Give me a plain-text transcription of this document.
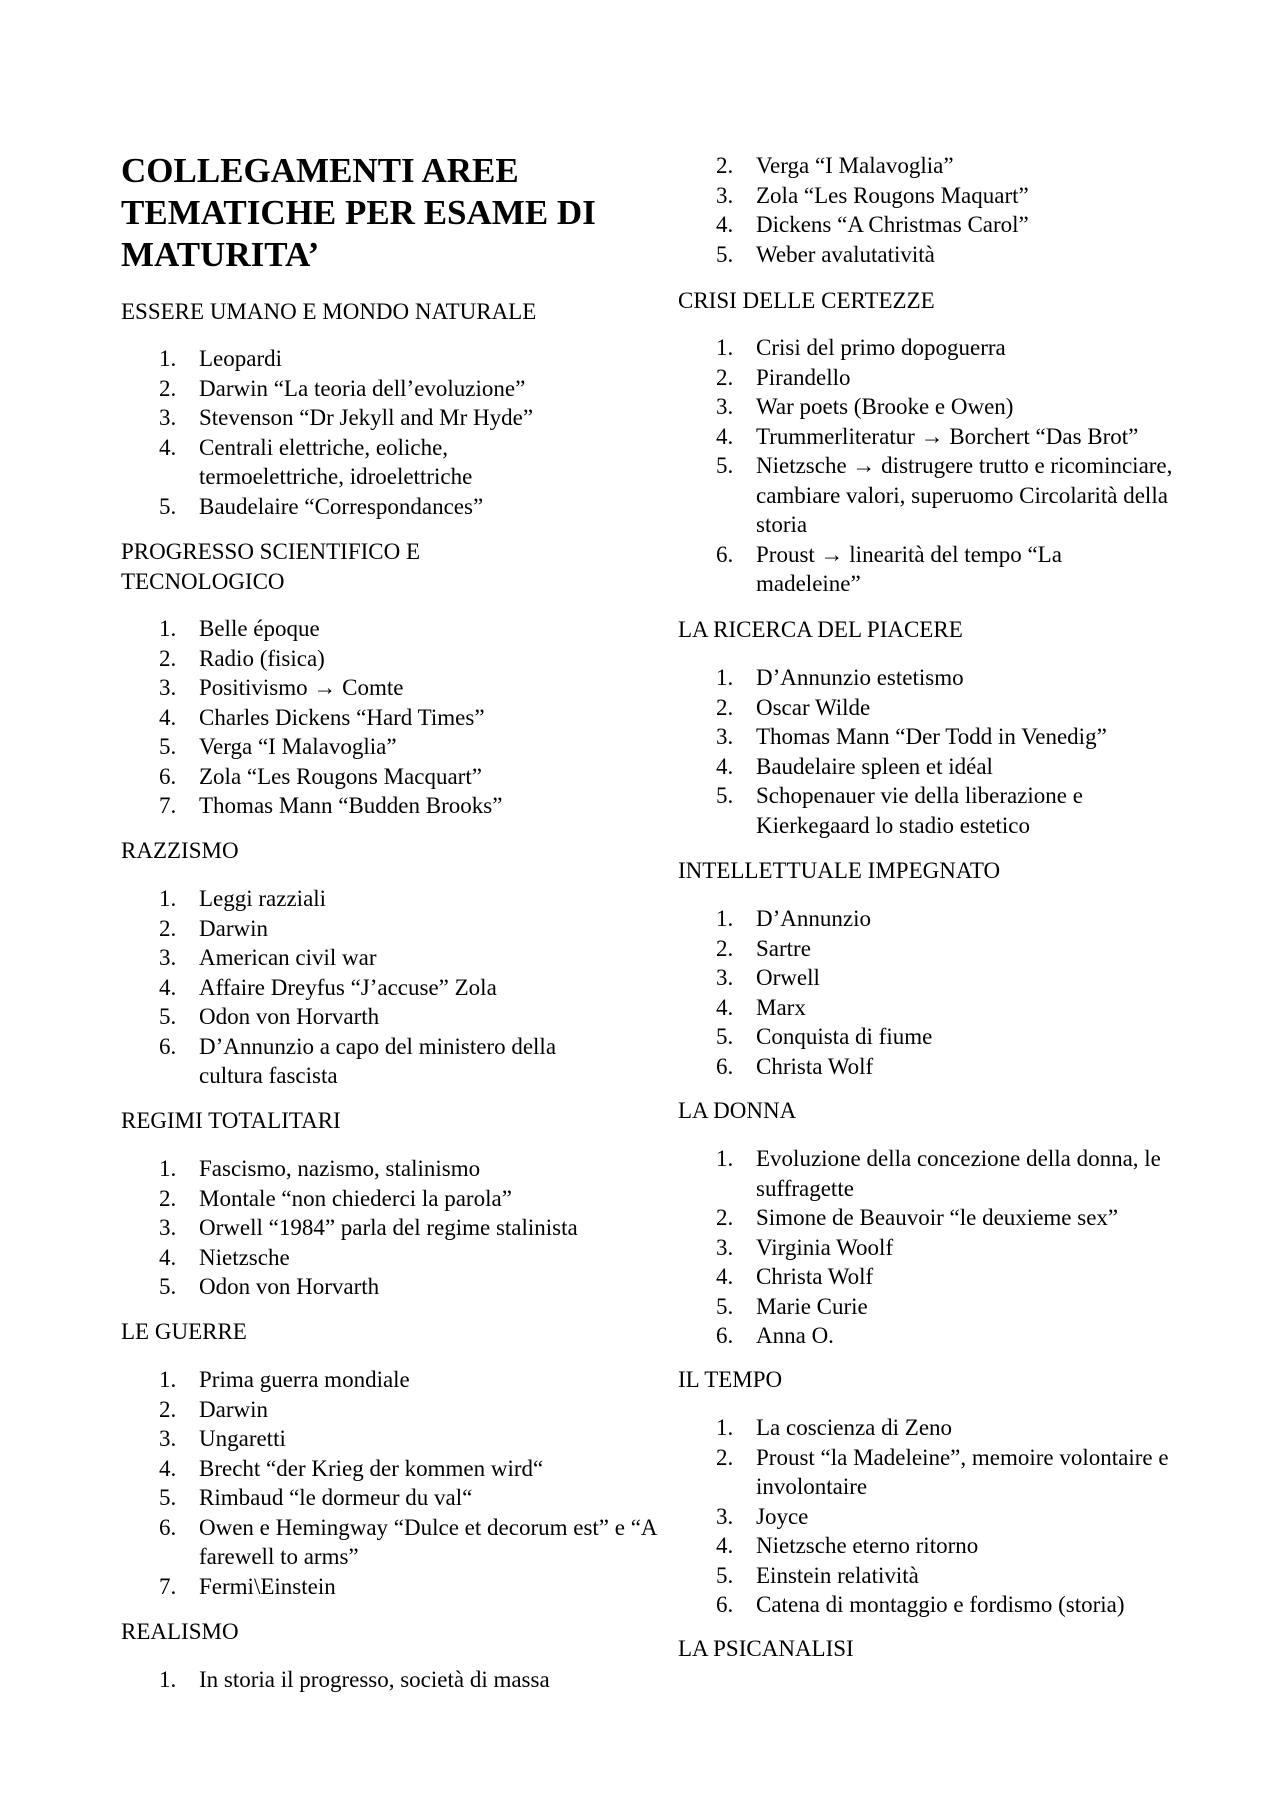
COLLEGAMENTI AREE TEMATICHE PER ESAME DI MATURITA’
ESSERE UMANO E MONDO NATURALE
1. Leopardi
2. Darwin “La teoria dell’evoluzione”
3. Stevenson “Dr Jekyll and Mr Hyde”
4. Centrali elettriche, eoliche, termoelettriche, idroelettriche
5. Baudelaire “Correspondances”
PROGRESSO SCIENTIFICO E TECNOLOGICO
1. Belle époque
2. Radio (fisica)
3. Positivismo → Comte
4. Charles Dickens “Hard Times”
5. Verga “I Malavoglia”
6. Zola “Les Rougons Macquart”
7. Thomas Mann “Budden Brooks”
RAZZISMO
1. Leggi razziali
2. Darwin
3. American civil war
4. Affaire Dreyfus “J’accuse” Zola
5. Odon von Horvarth
6. D’Annunzio a capo del ministero della cultura fascista
REGIMI TOTALITARI
1. Fascismo, nazismo, stalinismo
2. Montale “non chiederci la parola”
3. Orwell “1984” parla del regime stalinista
4. Nietzsche
5. Odon von Horvarth
LE GUERRE
1. Prima guerra mondiale
2. Darwin
3. Ungaretti
4. Brecht “der Krieg der kommen wird“
5. Rimbaud “le dormeur du val“
6. Owen e Hemingway “Dulce et decorum est” e “A farewell to arms”
7. Fermi\Einstein
REALISMO
1. In storia il progresso, società di massa
2. Verga “I Malavoglia”
3. Zola “Les Rougons Maquart”
4. Dickens “A Christmas Carol”
5. Weber avalutatività
CRISI DELLE CERTEZZE
1. Crisi del primo dopoguerra
2. Pirandello
3. War poets (Brooke e Owen)
4. Trummerliteratur → Borchert “Das Brot”
5. Nietzsche → distrugere trutto e ricominciare, cambiare valori, superuomo Circolarità della storia
6. Proust → linearità del tempo “La madeleine”
LA RICERCA DEL PIACERE
1. D’Annunzio estetismo
2. Oscar Wilde
3. Thomas Mann “Der Todd in Venedig”
4. Baudelaire spleen et idéal
5. Schopenauer vie della liberazione e Kierkegaard lo stadio estetico
INTELLETTUALE IMPEGNATO
1. D’Annunzio
2. Sartre
3. Orwell
4. Marx
5. Conquista di fiume
6. Christa Wolf
LA DONNA
1. Evoluzione della concezione della donna, le suffragette
2. Simone de Beauvoir “le deuxieme sex”
3. Virginia Woolf
4. Christa Wolf
5. Marie Curie
6. Anna O.
IL TEMPO
1. La coscienza di Zeno
2. Proust “la Madeleine”, memoire volontaire e involontaire
3. Joyce
4. Nietzsche eterno ritorno
5. Einstein relatività
6. Catena di montaggio e fordismo (storia)
LA PSICANALISI
